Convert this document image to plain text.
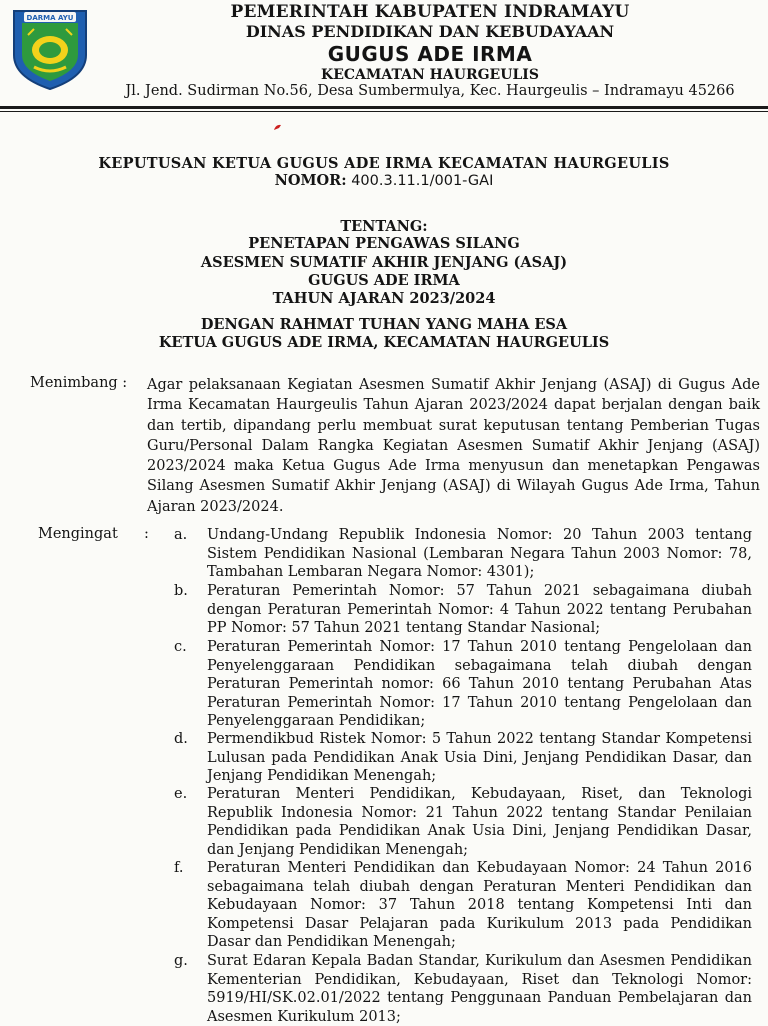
DARMA AYU	PEMERINTAH KABUPATEN INDRAMAYU
DINAS PENDIDIKAN DAN KEBUDAYAAN
GUGUS ADE IRMA
KECAMATAN HAURGEULIS
Jl. Jend. Sudirman No.56, Desa Sumbermulya, Kec. Haurgeulis – Indramayu 45266
KEPUTUSAN KETUA GUGUS ADE IRMA KECAMATAN HAURGEULIS
NOMOR: 400.3.11.1/001-GAI
TENTANG:
PENETAPAN PENGAWAS SILANG
ASESMEN SUMATIF AKHIR JENJANG (ASAJ)
GUGUS ADE IRMA
TAHUN AJARAN 2023/2024
DENGAN RAHMAT TUHAN YANG MAHA ESA
KETUA GUGUS ADE IRMA, KECAMATAN HAURGEULIS
Menimbang : Agar pelaksanaan Kegiatan Asesmen Sumatif Akhir Jenjang (ASAJ) di Gugus Ade Irma Kecamatan Haurgeulis Tahun Ajaran 2023/2024 dapat berjalan dengan baik dan tertib, dipandang perlu membuat surat keputusan tentang Pemberian Tugas Guru/Personal Dalam Rangka Kegiatan Asesmen Sumatif Akhir Jenjang (ASAJ) 2023/2024 maka Ketua Gugus Ade Irma menyusun dan menetapkan Pengawas Silang Asesmen Sumatif Akhir Jenjang (ASAJ) di Wilayah Gugus Ade Irma, Tahun Ajaran 2023/2024.
Mengingat : a. Undang-Undang Republik Indonesia Nomor: 20 Tahun 2003 tentang Sistem Pendidikan Nasional (Lembaran Negara Tahun 2003 Nomor: 78, Tambahan Lembaran Negara Nomor: 4301);
b. Peraturan Pemerintah Nomor: 57 Tahun 2021 sebagaimana diubah dengan Peraturan Pemerintah Nomor: 4 Tahun 2022 tentang Perubahan PP Nomor: 57 Tahun 2021 tentang Standar Nasional;
c. Peraturan Pemerintah Nomor: 17 Tahun 2010 tentang Pengelolaan dan Penyelenggaraan Pendidikan sebagaimana telah diubah dengan Peraturan Pemerintah nomor: 66 Tahun 2010 tentang Perubahan Atas Peraturan Pemerintah Nomor: 17 Tahun 2010 tentang Pengelolaan dan Penyelenggaraan Pendidikan;
d. Permendikbud Ristek Nomor: 5 Tahun 2022 tentang Standar Kompetensi Lulusan pada Pendidikan Anak Usia Dini, Jenjang Pendidikan Dasar, dan Jenjang Pendidikan Menengah;
e. Peraturan Menteri Pendidikan, Kebudayaan, Riset, dan Teknologi Republik Indonesia Nomor: 21 Tahun 2022 tentang Standar Penilaian Pendidikan pada Pendidikan Anak Usia Dini, Jenjang Pendidikan Dasar, dan Jenjang Pendidikan Menengah;
f. Peraturan Menteri Pendidikan dan Kebudayaan Nomor: 24 Tahun 2016 sebagaimana telah diubah dengan Peraturan Menteri Pendidikan dan Kebudayaan Nomor: 37 Tahun 2018 tentang Kompetensi Inti dan Kompetensi Dasar Pelajaran pada Kurikulum 2013 pada Pendidikan Dasar dan Pendidikan Menengah;
g. Surat Edaran Kepala Badan Standar, Kurikulum dan Asesmen Pendidikan Kementerian Pendidikan, Kebudayaan, Riset dan Teknologi Nomor: 5919/HI/SK.02.01/2022 tentang Penggunaan Panduan Pembelajaran dan Asesmen Kurikulum 2013;
